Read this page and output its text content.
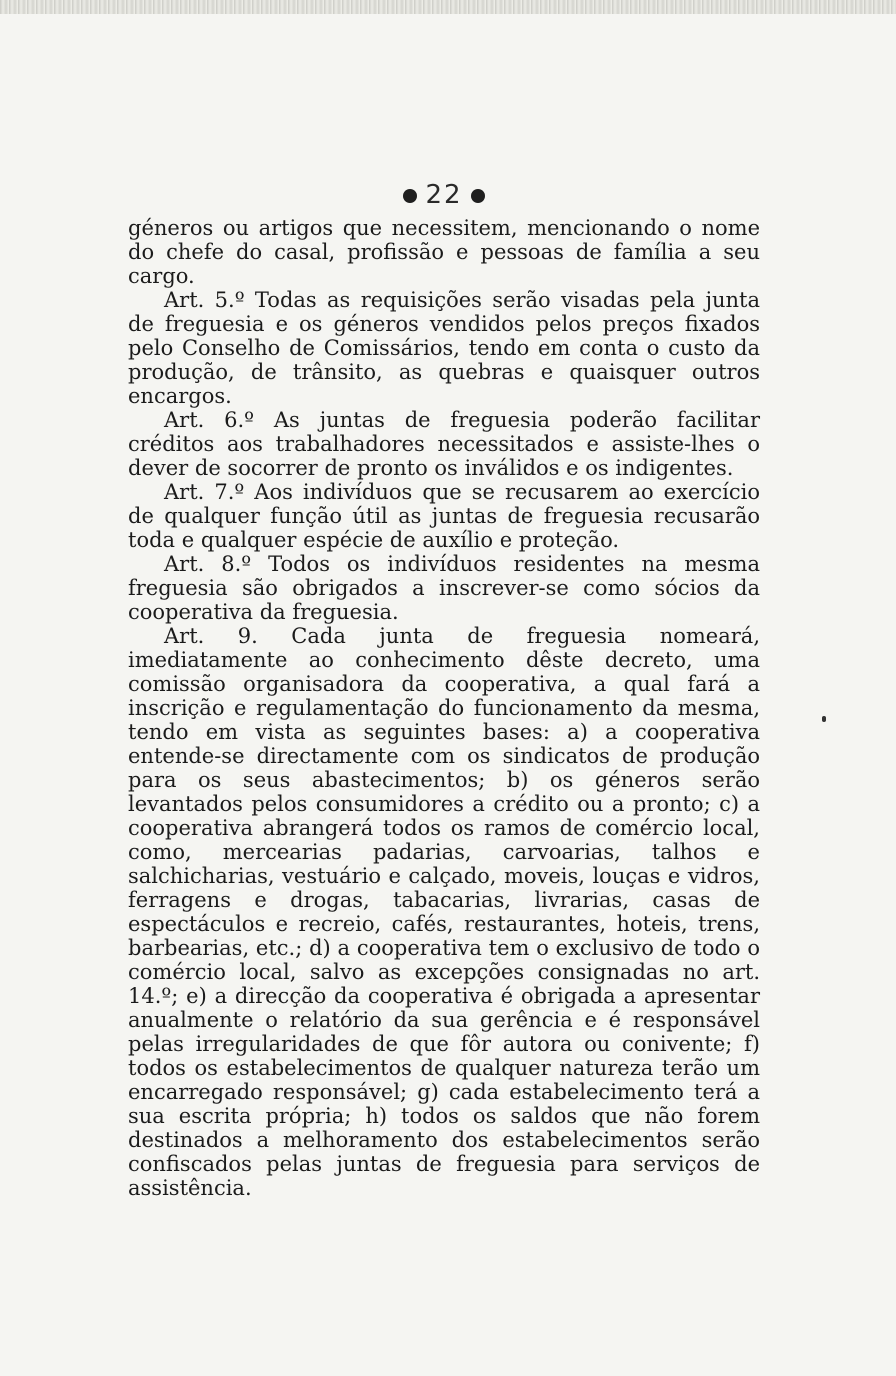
22

géneros ou artigos que necessitem, mencionando o nome do chefe do casal, profissão e pessoas de família a seu cargo.

Art. 5.º Todas as requisições serão visadas pela junta de freguesia e os géneros vendidos pelos preços fixados pelo Conselho de Comissários, tendo em conta o custo da produção, de trânsito, as quebras e quaisquer outros encargos.

Art. 6.º As juntas de freguesia poderão facilitar créditos aos trabalhadores necessitados e assiste-lhes o dever de socorrer de pronto os inválidos e os indigentes.

Art. 7.º Aos indivíduos que se recusarem ao exercício de qualquer função útil as juntas de freguesia recusarão toda e qualquer espécie de auxílio e proteção.

Art. 8.º Todos os indivíduos residentes na mesma freguesia são obrigados a inscrever-se como sócios da cooperativa da freguesia.

Art. 9. Cada junta de freguesia nomeará, imediatamente ao conhecimento dêste decreto, uma comissão organisadora da cooperativa, a qual fará a inscrição e regulamentação do funcionamento da mesma, tendo em vista as seguintes bases: a) a cooperativa entende-se directamente com os sindicatos de produção para os seus abastecimentos; b) os géneros serão levantados pelos consumidores a crédito ou a pronto; c) a cooperativa abrangerá todos os ramos de comércio local, como, mercearias padarias, carvoarias, talhos e salchicharias, vestuário e calçado, moveis, louças e vidros, ferragens e drogas, tabacarias, livrarias, casas de espectáculos e recreio, cafés, restaurantes, hoteis, trens, barbearias, etc.; d) a cooperativa tem o exclusivo de todo o comércio local, salvo as excepções consignadas no art. 14.º; e) a direcção da cooperativa é obrigada a apresentar anualmente o relatório da sua gerência e é responsável pelas irregularidades de que fôr autora ou conivente; f) todos os estabelecimentos de qualquer natureza terão um encarregado responsável; g) cada estabelecimento terá a sua escrita própria; h) todos os saldos que não forem destinados a melhoramento dos estabelecimentos serão confiscados pelas juntas de freguesia para serviços de assistência.
